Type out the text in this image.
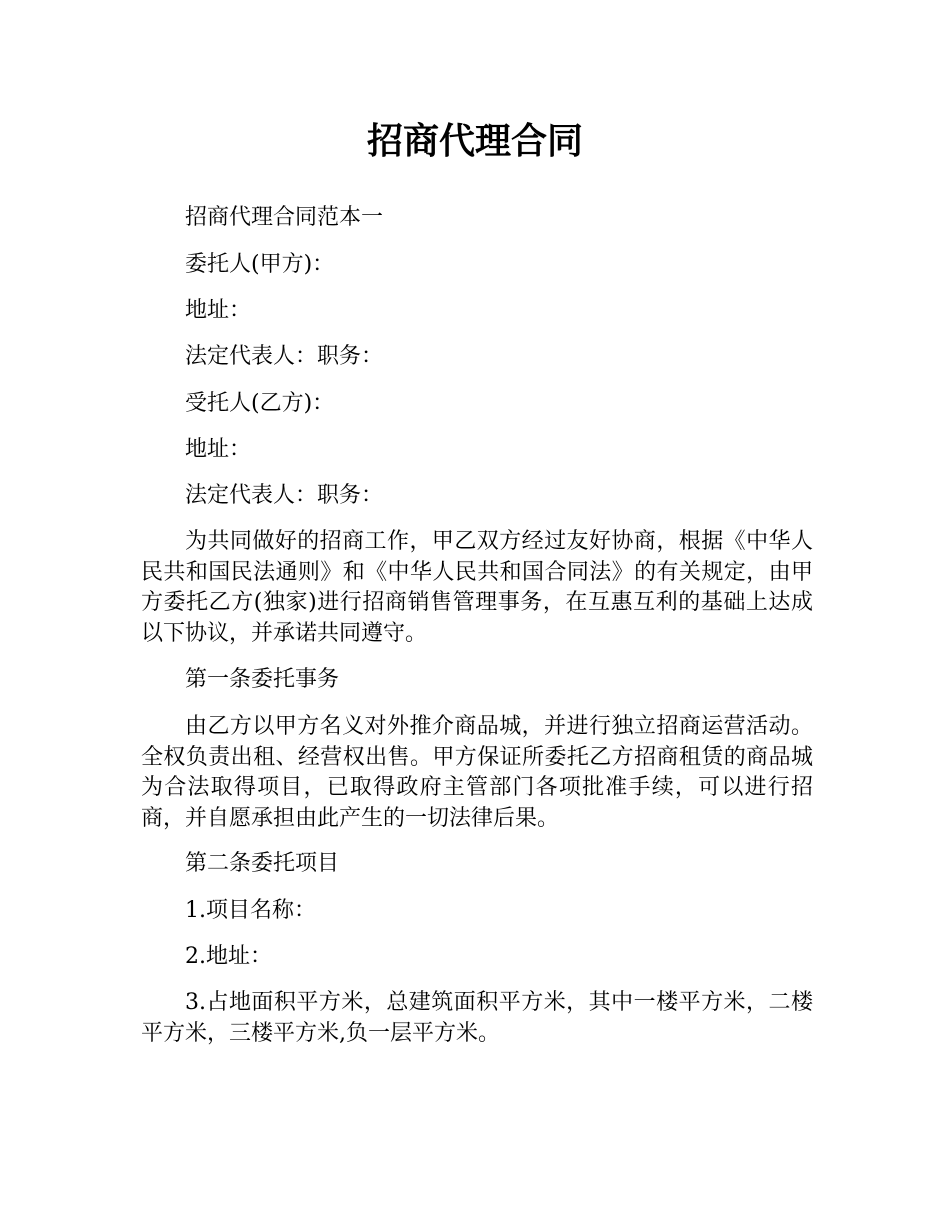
招商代理合同
招商代理合同范本一
委托人(甲方)：
地址：
法定代表人：职务：
受托人(乙方)：
地址：
法定代表人：职务：
为共同做好的招商工作，甲乙双方经过友好协商，根据《中华人民共和国民法通则》和《中华人民共和国合同法》的有关规定，由甲方委托乙方(独家)进行招商销售管理事务，在互惠互利的基础上达成以下协议，并承诺共同遵守。
第一条委托事务
由乙方以甲方名义对外推介商品城，并进行独立招商运营活动。全权负责出租、经营权出售。甲方保证所委托乙方招商租赁的商品城为合法取得项目，已取得政府主管部门各项批准手续，可以进行招商，并自愿承担由此产生的一切法律后果。
第二条委托项目
1.项目名称：
2.地址：
3.占地面积平方米，总建筑面积平方米，其中一楼平方米，二楼平方米，三楼平方米,负一层平方米。
